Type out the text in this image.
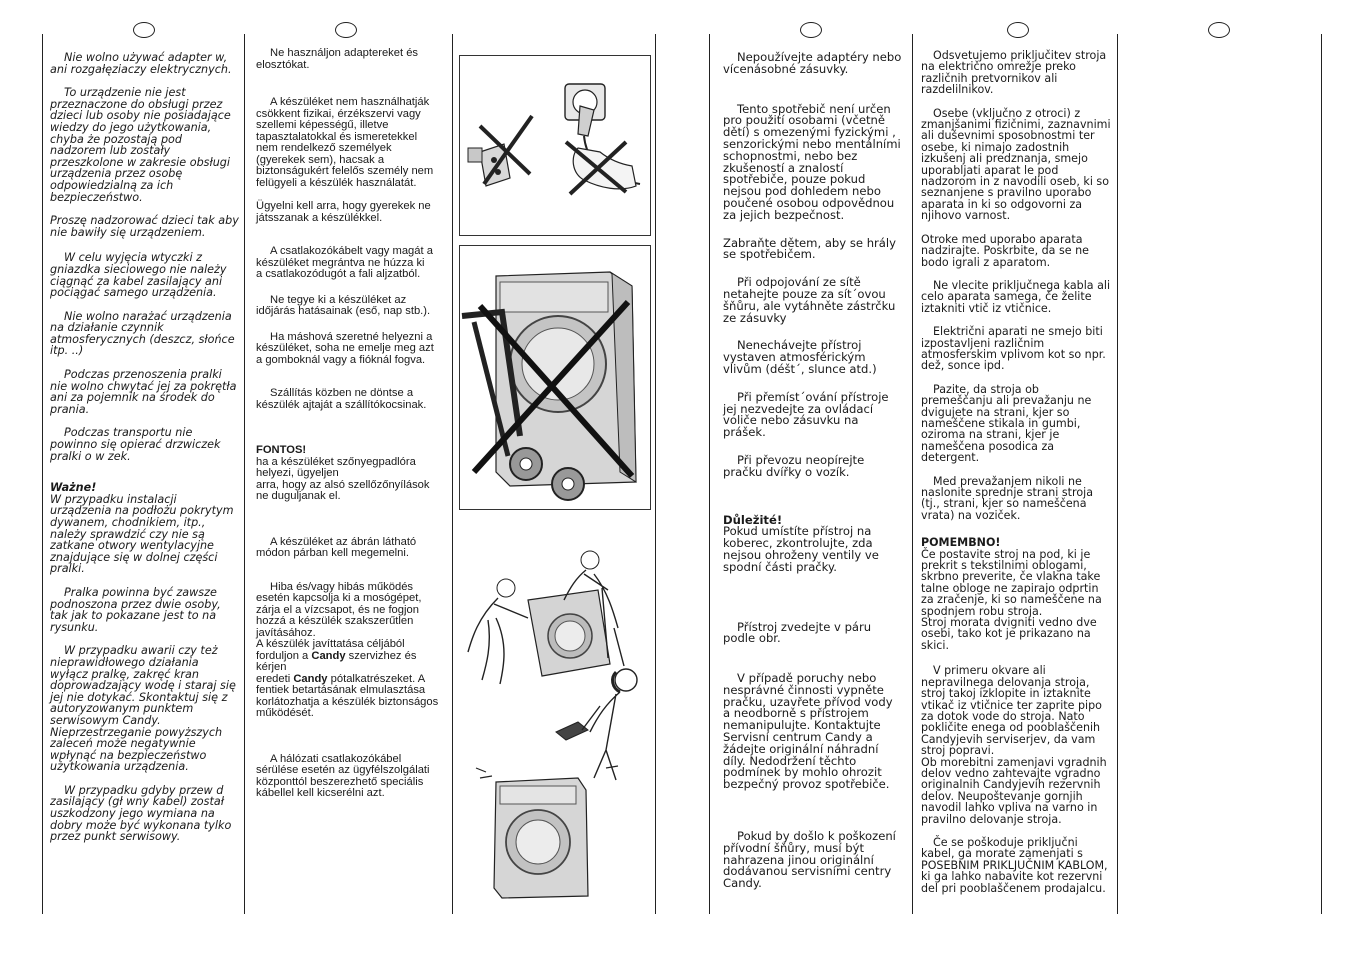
Nie wolno używać adapter w, ani rozgałęziaczy elektrycznych.

To urządzenie nie jest przeznaczone do obsługi przez dzieci lub osoby nie posiadające wiedzy do jego użytkowania, chyba że pozostają pod nadzorem lub zostały przeszkolone w zakresie obsługi urządzenia przez osobę odpowiedzialną za ich bezpieczeństwo.

Proszę nadzorować dzieci tak aby nie bawiły się urządzeniem.

W celu wyjęcia wtyczki z gniazdka sieciowego nie należy ciągnąć za kabel zasilający ani pociągać samego urządzenia.

Nie wolno narażać urządzenia na działanie czynnik atmosferycznych (deszcz, słońce itp. ..)

Podczas przenoszenia pralki nie wolno chwytać jej za pokrętła ani za pojemnik na środek do prania.

Podczas transportu nie powinno się opierać drzwiczek pralki o w zek.

Ważne!

W przypadku instalacji urządzenia na podłożu pokrytym dywanem, chodnikiem, itp., należy sprawdzić czy nie są zatkane otwory wentylacyjne znajdujące się w dolnej części pralki.

Pralka powinna być zawsze podnoszona przez dwie osoby, tak jak to pokazane jest to na rysunku.

W przypadku awarii czy też nieprawidłowego działania wyłącz pralkę, zakręć kran doprowadzający wodę i staraj się jej nie dotykać. Skontaktuj się z autoryzowanym punktem serwisowym Candy. Nieprzestrzeganie powyższych zaleceń może negatywnie wpłynąć na bezpieczeństwo użytkowania urządzenia.

W przypadku gdyby przew d zasilający (gł wny kabel) został uszkodzony jego wymiana na dobry może być wykonana tylko przez punkt serwisowy.

Ne használjon adaptereket és elosztókat.

A készüléket nem használhatják csökkent fizikai, érzékszervi vagy szellemi képességű, illetve tapasztalatokkal és ismeretekkel nem rendelkező személyek (gyerekek sem), hacsak a biztonságukért felelős személy nem felügyeli a készülék használatát.

Ügyelni kell arra, hogy gyerekek ne játsszanak a készülékkel.

A csatlakozókábelt vagy magát a készüléket megrántva ne húzza ki
a csatlakozódugót a fali aljzatból.

Ne tegye ki a készüléket az időjárás hatásainak (eső, nap stb.).

Ha máshová szeretné helyezni a készüléket, soha ne emelje meg azt
a gomboknál vagy a fióknál fogva.

Szállítás közben ne döntse a készülék ajtaját a szállítókocsinak.

FONTOS!

ha a készüléket szőnyegpadlóra helyezi, ügyeljen
arra, hogy az alsó szellőzőnyílások ne duguljanak el.

A készüléket az ábrán látható módon párban kell megemelni.

Hiba és/vagy hibás működés esetén kapcsolja ki a mosógépet, zárja el a vízcsapot, és ne fogjon hozzá a készülék szakszerűtlen javításához.
A készülék javíttatása céljából forduljon a Candy szervizhez és kérjen
eredeti Candy pótalkatrészeket. A fentiek betartásának elmulasztása
korlátozhatja a készülék biztonságos működését.

A hálózati csatlakozókábel sérülése esetén az ügyfélszolgálati központtól beszerezhető speciális kábellel kell kicserélni azt.

Nepoužívejte adaptéry nebo vícenásobné zásuvky.

Tento spotřebič není určen pro použití osobami (včetně dětí) s omezenými fyzickými , senzorickými nebo mentálními schopnostmi, nebo bez zkušeností a znalostí spotřebiče, pouze pokud nejsou pod dohledem nebo poučené osobou odpovědnou za jejich bezpečnost.

Zabraňte dětem, aby se hrály se spotřebičem.

Při odpojování ze sítě netahejte pouze za sít´ovou šňůru, ale vytáhněte zástrčku ze zásuvky

Nenechávejte přístroj vystaven atmosférickým vlivům (déšt´, slunce atd.)

Při přemíst´ování přístroje jej nezvedejte za ovládací voliče nebo zásuvku na prášek.

Při převozu neopírejte pračku dvířky o vozík.

Důležité!

Pokud umístíte přístroj na koberec, zkontrolujte, zda nejsou ohroženy ventily ve spodní části pračky.

Přístroj zvedejte v páru podle obr.

V případě poruchy nebo nesprávné činnosti vypněte pračku, uzavřete přívod vody a neodborně s přístrojem nemanipulujte. Kontaktujte Servisní centrum Candy a žádejte originální náhradní díly. Nedodržení těchto podmínek by mohlo ohrozit bezpečný provoz spotřebiče.

Pokud by došlo k poškození přívodní šňůry, musí být nahrazena jinou originální dodávanou servisními centry Candy.

Odsvetujemo priključitev stroja na električno omrežje preko različnih pretvornikov ali razdelilnikov.

Osebe (vključno z otroci) z zmanjšanimi fizičnimi, zaznavnimi ali duševnimi sposobnostmi ter osebe, ki nimajo zadostnih izkušenj ali predznanja, smejo uporabljati aparat le pod nadzorom in z navodili oseb, ki so seznanjene s pravilno uporabo aparata in ki so odgovorni za njihovo varnost.

Otroke med uporabo aparata nadzirajte. Poskrbite, da se ne bodo igrali z aparatom.

Ne vlecite priključnega kabla ali celo aparata samega, če želite iztakniti vtič iz vtičnice.

Električni aparati ne smejo biti izpostavljeni različnim atmosferskim vplivom kot so npr. dež, sonce ipd.

Pazite, da stroja ob premeščanju ali prevažanju ne dvigujete na strani, kjer so nameščene stikala in gumbi, oziroma na strani, kjer je nameščena posodica za detergent.

Med prevažanjem nikoli ne naslonite sprednje strani stroja (tj., strani, kjer so nameščena vrata) na voziček.

POMEMBNO!

Če postavite stroj na pod, ki je prekrit s tekstilnimi oblogami, skrbno preverite, če vlakna take talne obloge ne zapirajo odprtin za zračenje, ki so nameščene na spodnjem robu stroja.
Stroj morata dvigniti vedno dve osebi, tako kot je prikazano na skici.

V primeru okvare ali nepravilnega delovanja stroja, stroj takoj izklopite in iztaknite vtikač iz vtičnice ter zaprite pipo za dotok vode do stroja. Nato pokličite enega od pooblaščenih Candyjevih serviserjev, da vam stroj popravi.
Ob morebitni zamenjavi vgradnih delov vedno zahtevajte vgradno originalnih Candyjevih rezervnih delov. Neupoštevanje gornjih navodil lahko vpliva na varno in pravilno delovanje stroja.

Če se poškoduje priključni kabel, ga morate zamenjati s POSEBNIM PRIKLJUČNIM KABLOM, ki ga lahko nabavite kot rezervni del pri pooblaščenem prodajalcu.
